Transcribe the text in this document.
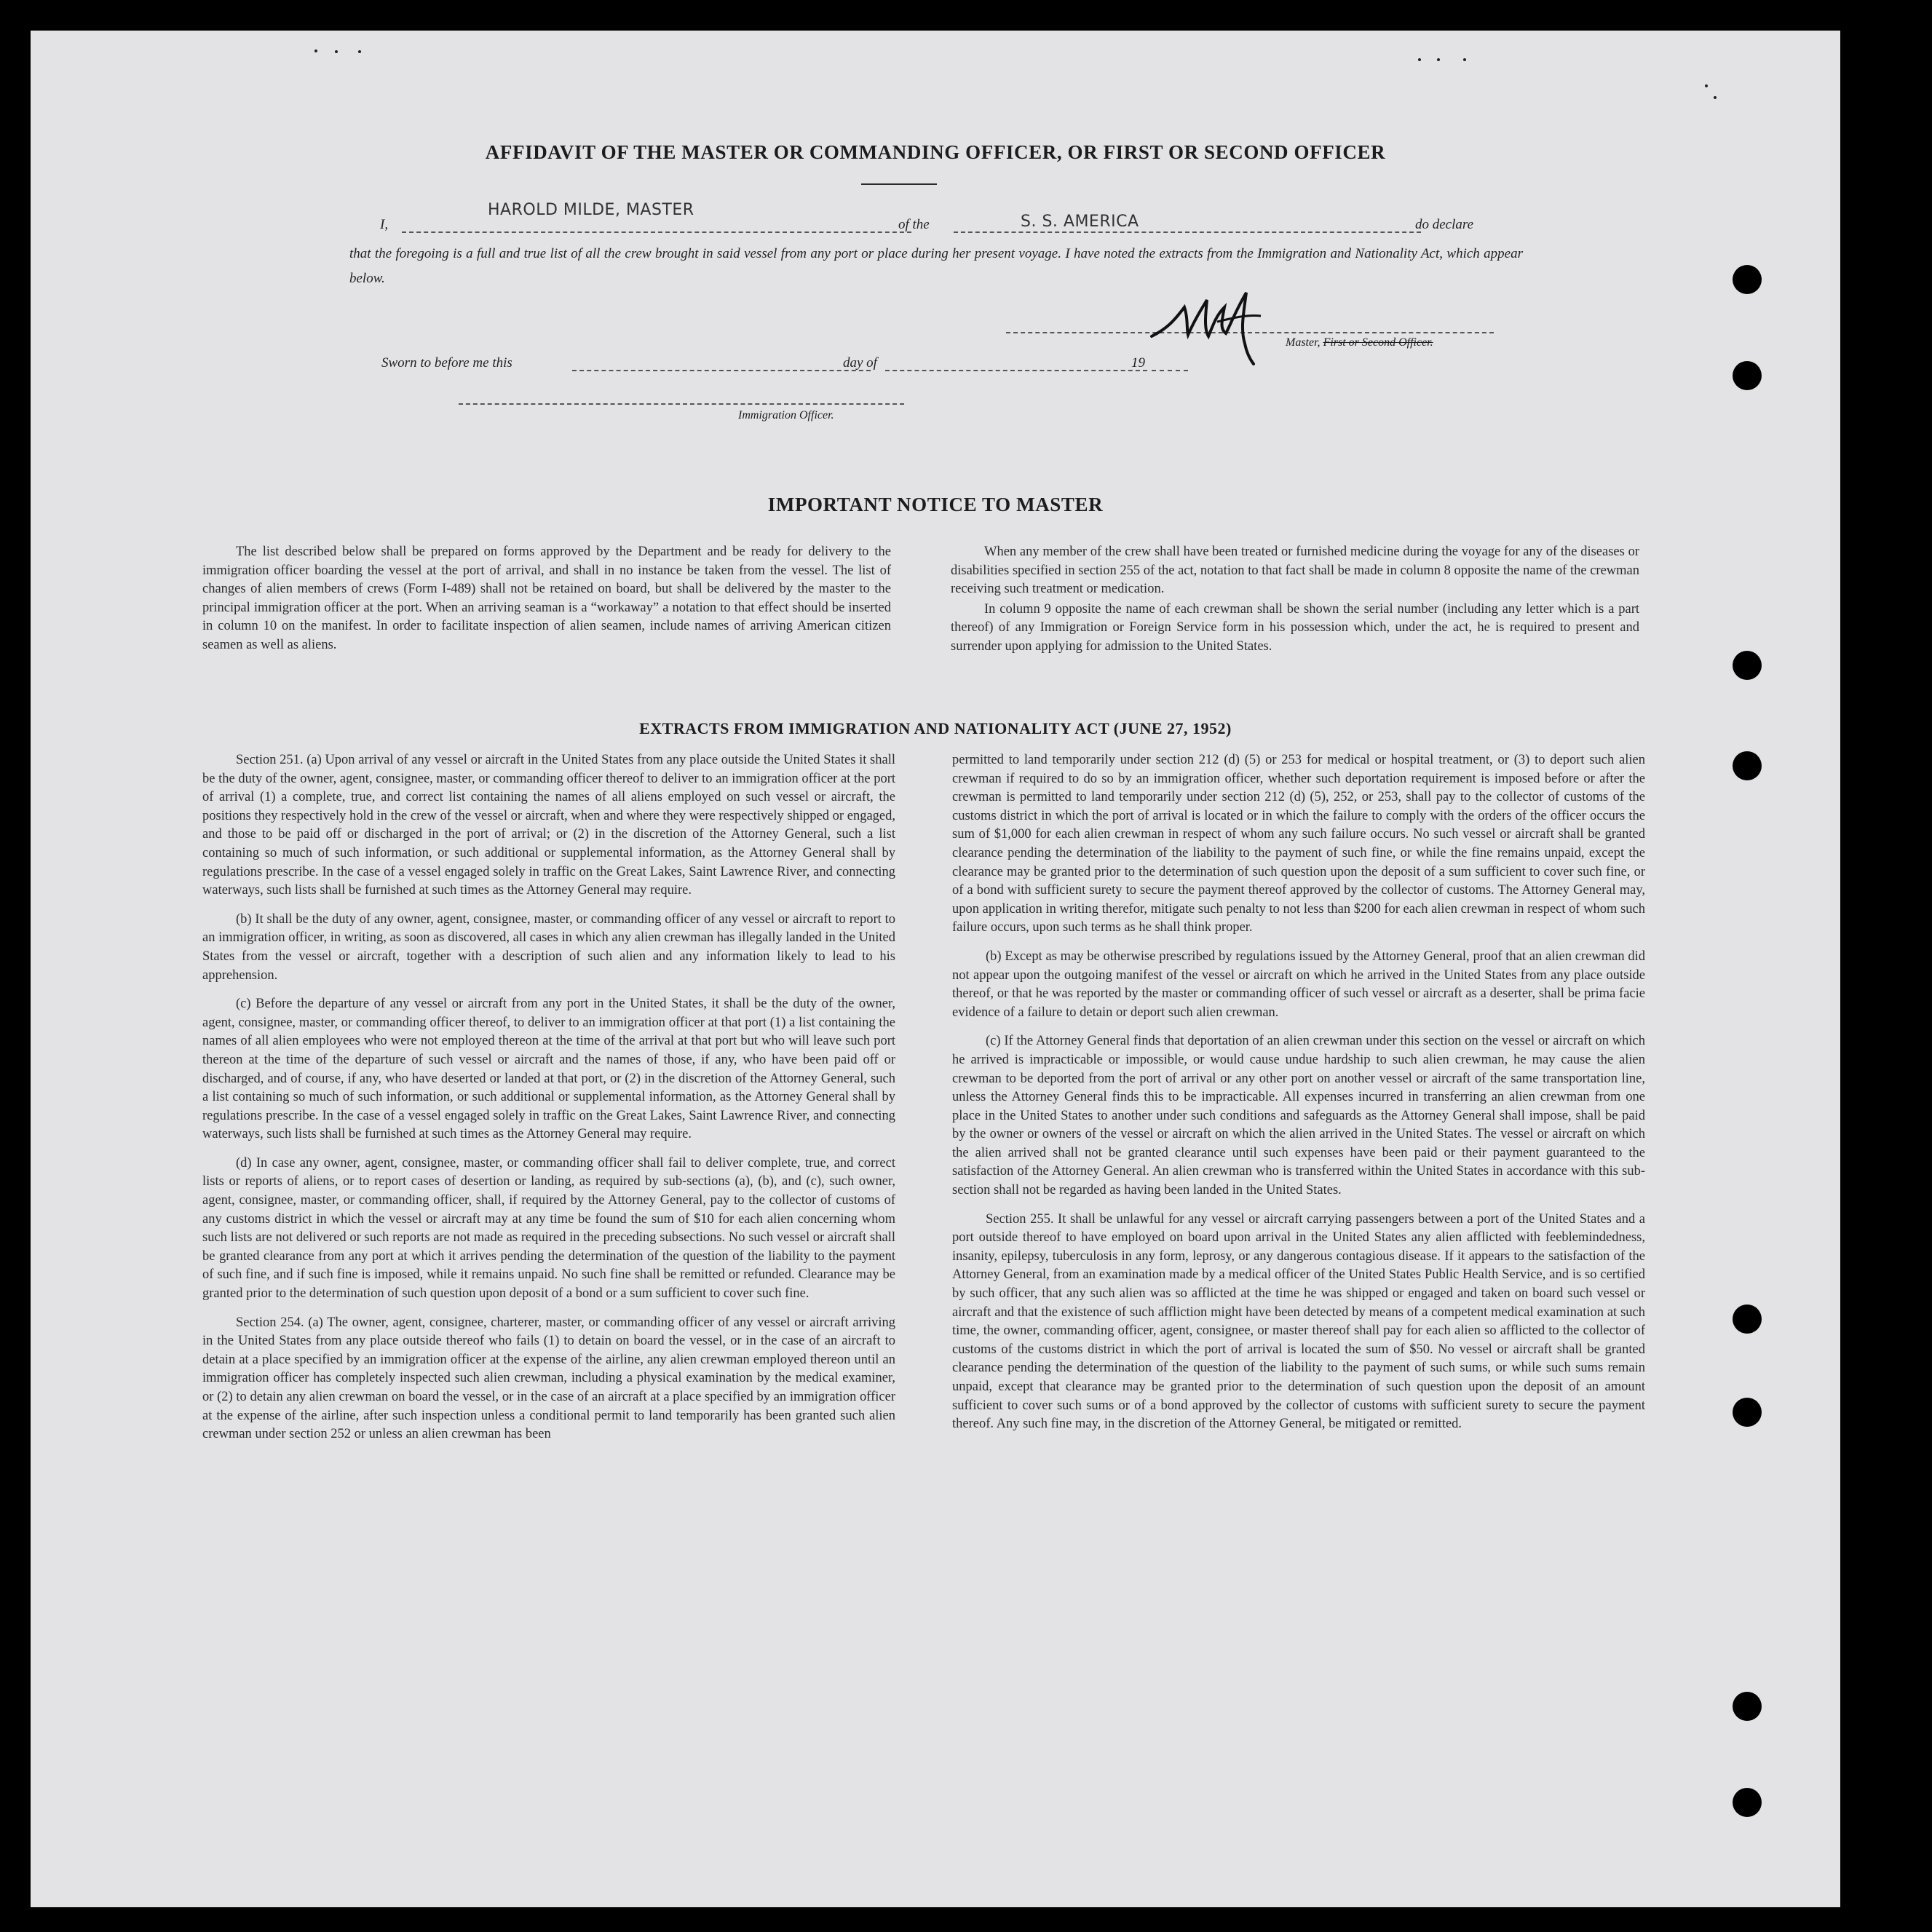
AFFIDAVIT OF THE MASTER OR COMMANDING OFFICER, OR FIRST OR SECOND OFFICER
I,
HAROLD MILDE, MASTER
of the	S. S. AMERICA	do declare
that the foregoing is a full and true list of all the crew brought in said vessel from any port or place during her present voyage. I have noted the extracts from the Immigration and Nationality Act, which appear below.
Master, First or Second Officer.
Sworn to before me this	day of	19
Immigration Officer.
IMPORTANT NOTICE TO MASTER

The list described below shall be prepared on forms approved by the Department and be ready for delivery to the immigration officer boarding the vessel at the port of arrival, and shall in no instance be taken from the vessel. The list of changes of alien members of crews (Form I-489) shall not be retained on board, but shall be delivered by the master to the principal immigration officer at the port. When an arriving seaman is a “workaway” a notation to that effect should be inserted in column 10 on the manifest. In order to facilitate inspection of alien seamen, include names of arriving American citizen seamen as well as aliens.

When any member of the crew shall have been treated or furnished medicine during the voyage for any of the diseases or disabilities specified in section 255 of the act, notation to that fact shall be made in column 8 opposite the name of the crewman receiving such treatment or medication.

In column 9 opposite the name of each crewman shall be shown the serial number (including any letter which is a part thereof) of any Immigration or Foreign Service form in his possession which, under the act, he is required to present and surrender upon applying for admission to the United States.

EXTRACTS FROM IMMIGRATION AND NATIONALITY ACT (JUNE 27, 1952)

Section 251. (a) Upon arrival of any vessel or aircraft in the United States from any place outside the United States it shall be the duty of the owner, agent, consignee, master, or commanding officer thereof to deliver to an immigration officer at the port of arrival (1) a complete, true, and correct list containing the names of all aliens employed on such vessel or aircraft, the positions they respectively hold in the crew of the vessel or aircraft, when and where they were respectively shipped or engaged, and those to be paid off or discharged in the port of arrival; or (2) in the discretion of the Attorney General, such a list containing so much of such information, or such additional or supplemental information, as the Attorney General shall by regulations prescribe. In the case of a vessel engaged solely in traffic on the Great Lakes, Saint Lawrence River, and connecting waterways, such lists shall be furnished at such times as the Attorney General may require.

(b) It shall be the duty of any owner, agent, consignee, master, or commanding officer of any vessel or aircraft to report to an immigration officer, in writing, as soon as discovered, all cases in which any alien crewman has illegally landed in the United States from the vessel or aircraft, together with a description of such alien and any information likely to lead to his apprehension.

(c) Before the departure of any vessel or aircraft from any port in the United States, it shall be the duty of the owner, agent, consignee, master, or commanding officer thereof, to deliver to an immigration officer at that port (1) a list containing the names of all alien employees who were not employed thereon at the time of the arrival at that port but who will leave such port thereon at the time of the departure of such vessel or aircraft and the names of those, if any, who have been paid off or discharged, and of course, if any, who have deserted or landed at that port, or (2) in the discretion of the Attorney General, such a list containing so much of such information, or such additional or supplemental information, as the Attorney General shall by regulations prescribe. In the case of a vessel engaged solely in traffic on the Great Lakes, Saint Lawrence River, and connecting waterways, such lists shall be furnished at such times as the Attorney General may require.

(d) In case any owner, agent, consignee, master, or commanding officer shall fail to deliver complete, true, and correct lists or reports of aliens, or to report cases of desertion or landing, as required by sub-sections (a), (b), and (c), such owner, agent, consignee, master, or commanding officer, shall, if required by the Attorney General, pay to the collector of customs of any customs district in which the vessel or aircraft may at any time be found the sum of $10 for each alien concerning whom such lists are not delivered or such reports are not made as required in the preceding subsections. No such vessel or aircraft shall be granted clearance from any port at which it arrives pending the determination of the question of the liability to the payment of such fine, and if such fine is imposed, while it remains unpaid. No such fine shall be remitted or refunded. Clearance may be granted prior to the determination of such question upon deposit of a bond or a sum sufficient to cover such fine.

Section 254. (a) The owner, agent, consignee, charterer, master, or commanding officer of any vessel or aircraft arriving in the United States from any place outside thereof who fails (1) to detain on board the vessel, or in the case of an aircraft to detain at a place specified by an immigration officer at the expense of the airline, any alien crewman employed thereon until an immigration officer has completely inspected such alien crewman, including a physical examination by the medical examiner, or (2) to detain any alien crewman on board the vessel, or in the case of an aircraft at a place specified by an immigration officer at the expense of the airline, after such inspection unless a conditional permit to land temporarily has been granted such alien crewman under section 252 or unless an alien crewman has been

permitted to land temporarily under section 212 (d) (5) or 253 for medical or hospital treatment, or (3) to deport such alien crewman if required to do so by an immigration officer, whether such deportation requirement is imposed before or after the crewman is permitted to land temporarily under section 212 (d) (5), 252, or 253, shall pay to the collector of customs of the customs district in which the port of arrival is located or in which the failure to comply with the orders of the officer occurs the sum of $1,000 for each alien crewman in respect of whom any such failure occurs. No such vessel or aircraft shall be granted clearance pending the determination of the liability to the payment of such fine, or while the fine remains unpaid, except the clearance may be granted prior to the determination of such question upon the deposit of a sum sufficient to cover such fine, or of a bond with sufficient surety to secure the payment thereof approved by the collector of customs. The Attorney General may, upon application in writing therefor, mitigate such penalty to not less than $200 for each alien crewman in respect of whom such failure occurs, upon such terms as he shall think proper.

(b) Except as may be otherwise prescribed by regulations issued by the Attorney General, proof that an alien crewman did not appear upon the outgoing manifest of the vessel or aircraft on which he arrived in the United States from any place outside thereof, or that he was reported by the master or commanding officer of such vessel or aircraft as a deserter, shall be prima facie evidence of a failure to detain or deport such alien crewman.

(c) If the Attorney General finds that deportation of an alien crewman under this section on the vessel or aircraft on which he arrived is impracticable or impossible, or would cause undue hardship to such alien crewman, he may cause the alien crewman to be deported from the port of arrival or any other port on another vessel or aircraft of the same transportation line, unless the Attorney General finds this to be impracticable. All expenses incurred in transferring an alien crewman from one place in the United States to another under such conditions and safeguards as the Attorney General shall impose, shall be paid by the owner or owners of the vessel or aircraft on which the alien arrived in the United States. The vessel or aircraft on which the alien arrived shall not be granted clearance until such expenses have been paid or their payment guaranteed to the satisfaction of the Attorney General. An alien crewman who is transferred within the United States in accordance with this sub-section shall not be regarded as having been landed in the United States.

Section 255. It shall be unlawful for any vessel or aircraft carrying passengers between a port of the United States and a port outside thereof to have employed on board upon arrival in the United States any alien afflicted with feeblemindedness, insanity, epilepsy, tuberculosis in any form, leprosy, or any dangerous contagious disease. If it appears to the satisfaction of the Attorney General, from an examination made by a medical officer of the United States Public Health Service, and is so certified by such officer, that any such alien was so afflicted at the time he was shipped or engaged and taken on board such vessel or aircraft and that the existence of such affliction might have been detected by means of a competent medical examination at such time, the owner, commanding officer, agent, consignee, or master thereof shall pay for each alien so afflicted to the collector of customs of the customs district in which the port of arrival is located the sum of $50. No vessel or aircraft shall be granted clearance pending the determination of the question of the liability to the payment of such sums, or while such sums remain unpaid, except that clearance may be granted prior to the determination of such question upon the deposit of an amount sufficient to cover such sums or of a bond approved by the collector of customs with sufficient surety to secure the payment thereof. Any such fine may, in the discretion of the Attorney General, be mitigated or remitted.
